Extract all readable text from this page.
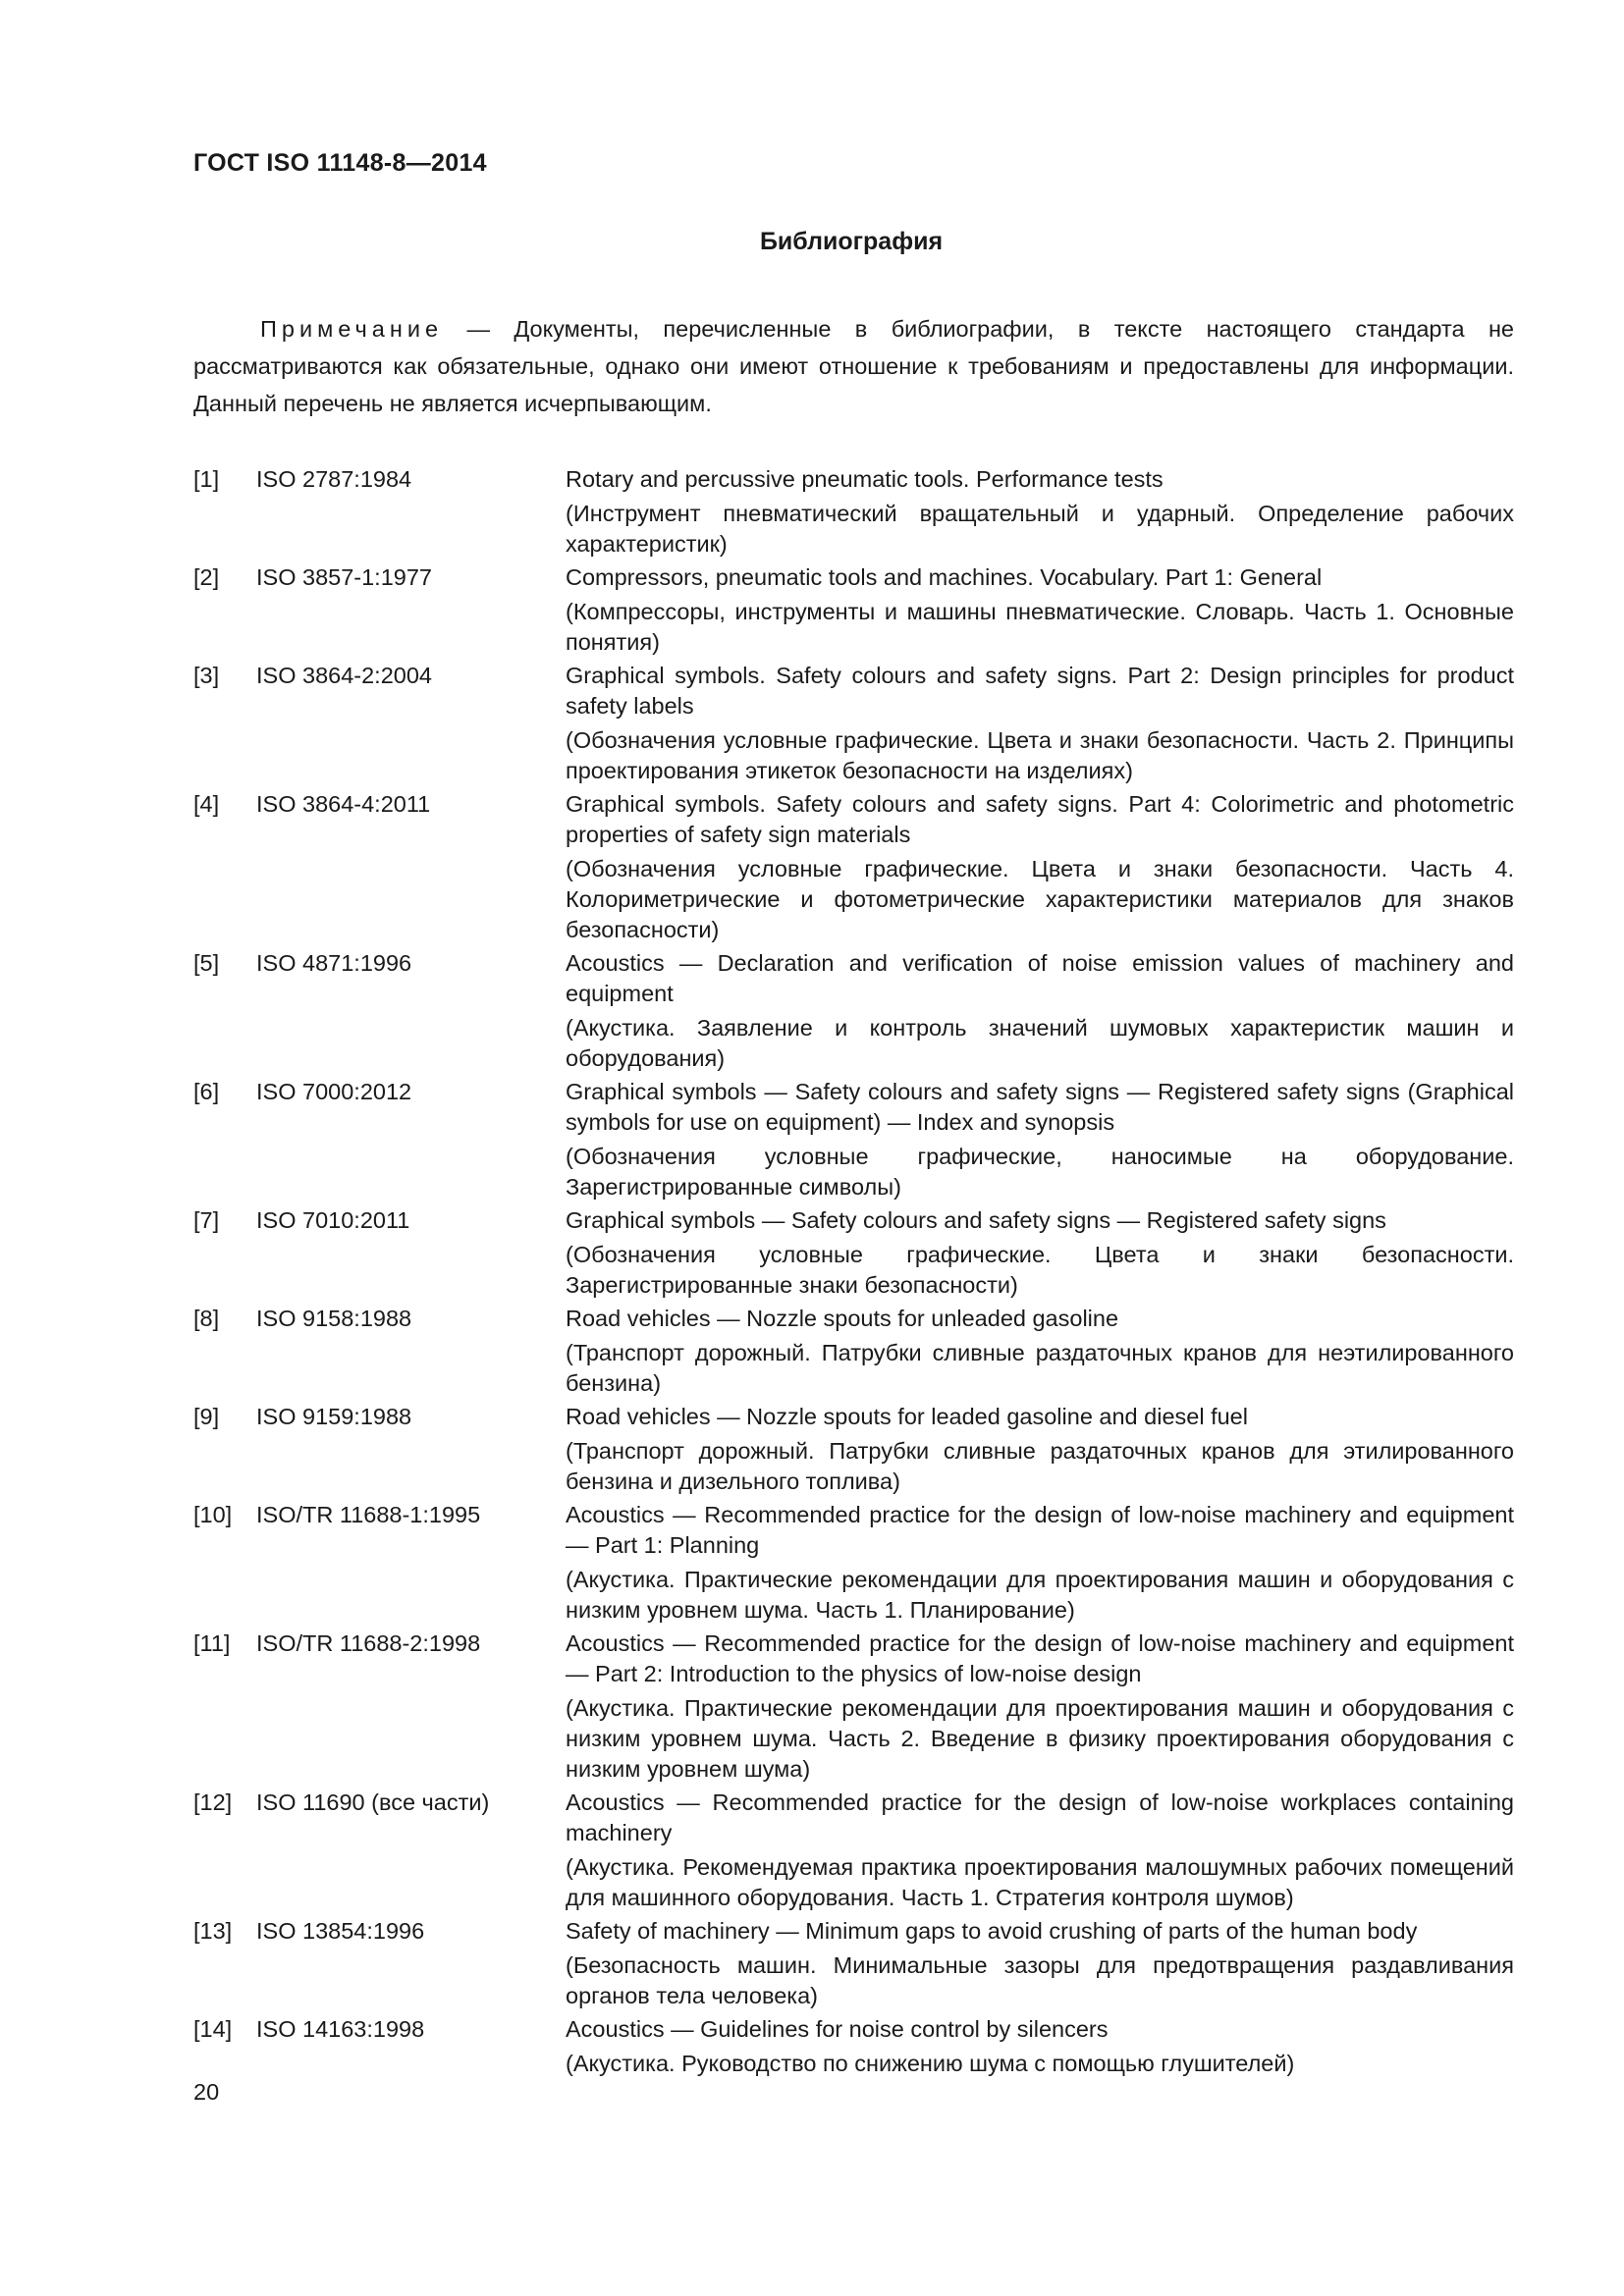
ГОСТ ISO 11148-8—2014
Библиография
Примечание — Документы, перечисленные в библиографии, в тексте настоящего стандарта не рассматриваются как обязательные, однако они имеют отношение к требованиям и предоставлены для информации. Данный перечень не является исчерпывающим.
[1]	ISO 2787:1984	Rotary and percussive pneumatic tools. Performance tests
(Инструмент пневматический вращательный и ударный. Определение рабочих характеристик)
[2]	ISO 3857-1:1977	Compressors, pneumatic tools and machines. Vocabulary. Part 1: General
(Компрессоры, инструменты и машины пневматические. Словарь. Часть 1. Основные понятия)
[3]	ISO 3864-2:2004	Graphical symbols. Safety colours and safety signs. Part 2: Design principles for product safety labels
(Обозначения условные графические. Цвета и знаки безопасности. Часть 2. Принципы проектирования этикеток безопасности на изделиях)
[4]	ISO 3864-4:2011	Graphical symbols. Safety colours and safety signs. Part 4: Colorimetric and photometric properties of safety sign materials
(Обозначения условные графические. Цвета и знаки безопасности. Часть 4. Колориметрические и фотометрические характеристики материалов для знаков безопасности)
[5]	ISO 4871:1996	Acoustics — Declaration and verification of noise emission values of machinery and equipment
(Акустика. Заявление и контроль значений шумовых характеристик машин и оборудования)
[6]	ISO 7000:2012	Graphical symbols — Safety colours and safety signs — Registered safety signs (Graphical symbols for use on equipment) — Index and synopsis
(Обозначения условные графические, наносимые на оборудование. Зарегистрированные символы)
[7]	ISO 7010:2011	Graphical symbols — Safety colours and safety signs — Registered safety signs
(Обозначения условные графические. Цвета и знаки безопасности. Зарегистрированные знаки безопасности)
[8]	ISO 9158:1988	Road vehicles — Nozzle spouts for unleaded gasoline
(Транспорт дорожный. Патрубки сливные раздаточных кранов для неэтилированного бензина)
[9]	ISO 9159:1988	Road vehicles — Nozzle spouts for leaded gasoline and diesel fuel
(Транспорт дорожный. Патрубки сливные раздаточных кранов для этилированного бензина и дизельного топлива)
[10]	ISO/TR 11688-1:1995	Acoustics — Recommended practice for the design of low-noise machinery and equipment — Part 1: Planning
(Акустика. Практические рекомендации для проектирования машин и оборудования с низким уровнем шума. Часть 1. Планирование)
[11]	ISO/TR 11688-2:1998	Acoustics — Recommended practice for the design of low-noise machinery and equipment — Part 2: Introduction to the physics of low-noise design
(Акустика. Практические рекомендации для проектирования машин и оборудования с низким уровнем шума. Часть 2. Введение в физику проектирования оборудования с низким уровнем шума)
[12]	ISO 11690 (все части)	Acoustics — Recommended practice for the design of low-noise workplaces containing machinery
(Акустика. Рекомендуемая практика проектирования малошумных рабочих помещений для машинного оборудования. Часть 1. Стратегия контроля шумов)
[13]	ISO 13854:1996	Safety of machinery — Minimum gaps to avoid crushing of parts of the human body
(Безопасность машин. Минимальные зазоры для предотвращения раздавливания органов тела человека)
[14]	ISO 14163:1998	Acoustics — Guidelines for noise control by silencers
(Акустика. Руководство по снижению шума с помощью глушителей)
20
